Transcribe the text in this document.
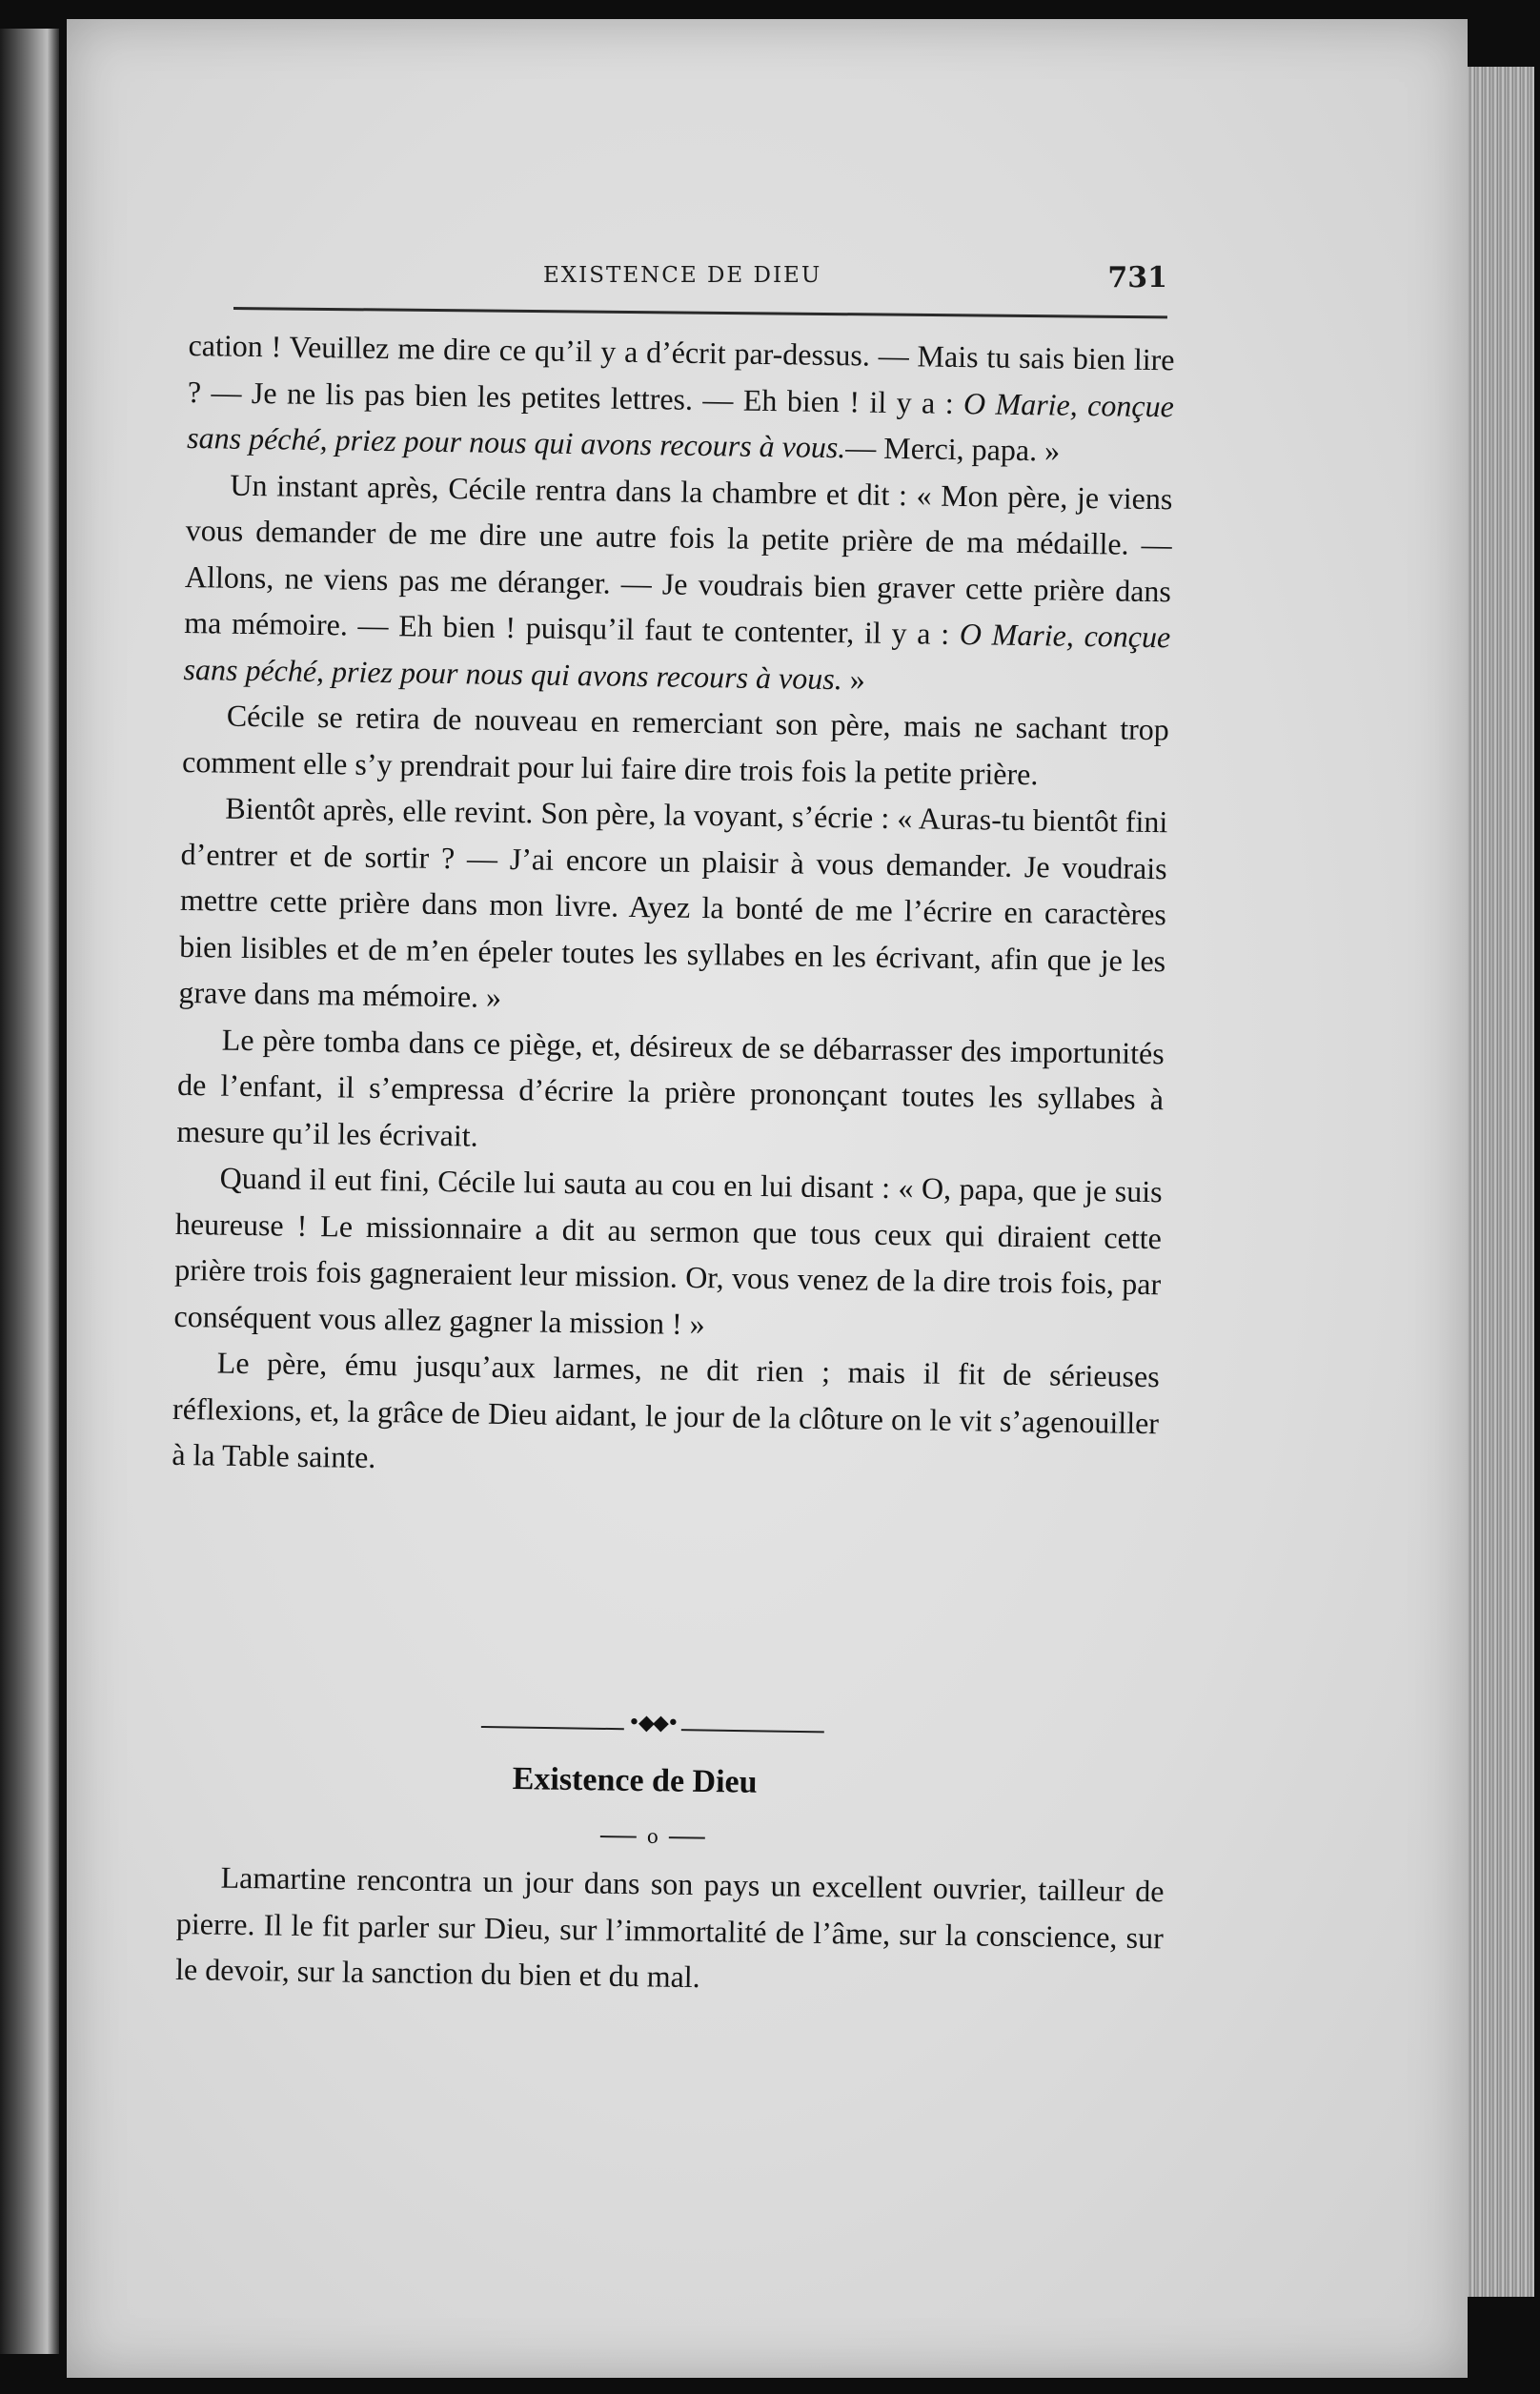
EXISTENCE DE DIEU	731

cation ! Veuillez me dire ce qu’il y a d’écrit par-dessus. — Mais tu sais bien lire ? — Je ne lis pas bien les petites lettres. — Eh bien ! il y a : O Marie, conçue sans péché, priez pour nous qui avons recours à vous.— Merci, papa. »

Un instant après, Cécile rentra dans la chambre et dit : « Mon père, je viens vous demander de me dire une autre fois la petite prière de ma médaille. — Allons, ne viens pas me déranger. — Je voudrais bien graver cette prière dans ma mémoire. — Eh bien ! puisqu’il faut te contenter, il y a : O Marie, conçue sans péché, priez pour nous qui avons recours à vous. »

Cécile se retira de nouveau en remerciant son père, mais ne sachant trop comment elle s’y prendrait pour lui faire dire trois fois la petite prière.

Bientôt après, elle revint. Son père, la voyant, s’écrie : « Auras-tu bientôt fini d’entrer et de sortir ? — J’ai encore un plaisir à vous demander. Je voudrais mettre cette prière dans mon livre. Ayez la bonté de me l’écrire en caractères bien lisibles et de m’en épeler toutes les syllabes en les écrivant, afin que je les grave dans ma mémoire. »

Le père tomba dans ce piège, et, désireux de se débarrasser des importunités de l’enfant, il s’empressa d’écrire la prière prononçant toutes les syllabes à mesure qu’il les écrivait.

Quand il eut fini, Cécile lui sauta au cou en lui disant : « O, papa, que je suis heureuse ! Le missionnaire a dit au sermon que tous ceux qui diraient cette prière trois fois gagneraient leur mission. Or, vous venez de la dire trois fois, par conséquent vous allez gagner la mission ! »

Le père, ému jusqu’aux larmes, ne dit rien ; mais il fit de sérieuses réflexions, et, la grâce de Dieu aidant, le jour de la clôture on le vit s’agenouiller à la Table sainte.

•◆◆•
Existence de Dieu
o

Lamartine rencontra un jour dans son pays un excellent ouvrier, tailleur de pierre. Il le fit parler sur Dieu, sur l’immortalité de l’âme, sur la conscience, sur le devoir, sur la sanction du bien et du mal.
